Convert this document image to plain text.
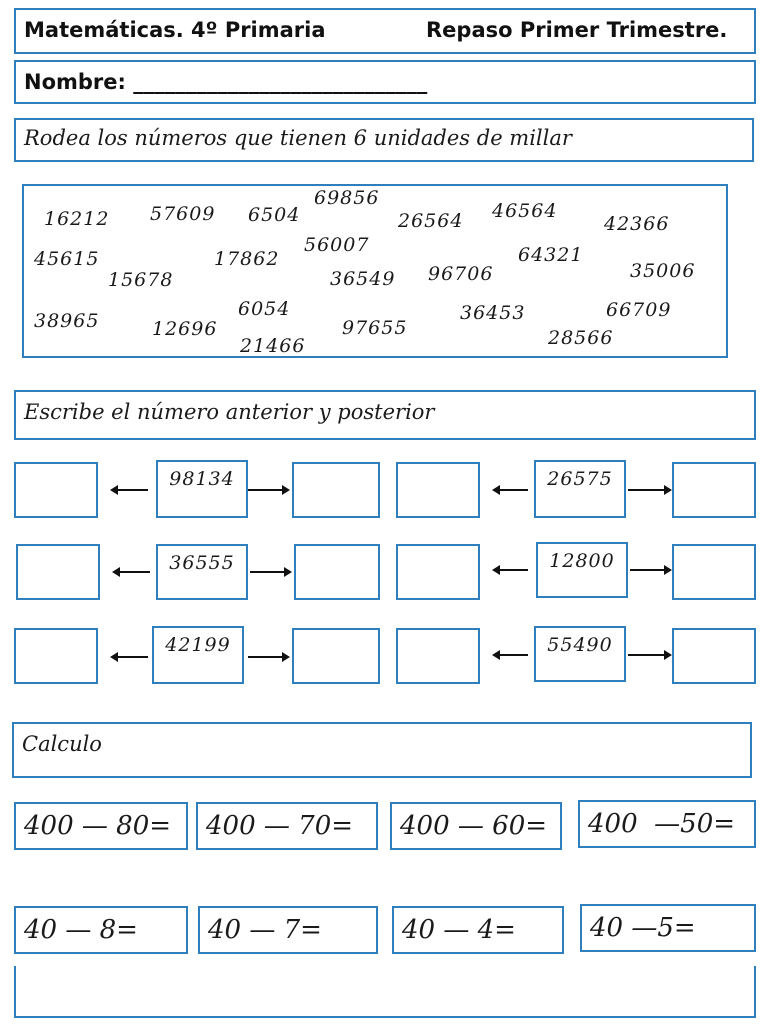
Matemáticas. 4º Primaria	Repaso Primer Trimestre.
Nombre: ____________________________
Rodea los números que tienen 6 unidades de millar
16212 57609 6504
69856
26564 46564
42366
45615
15678
17862
56007
36549 96706
64321
35006
38965	12696
6054
21466
97655
36453	66709
28566
Escribe el número anterior y posterior
98134	26575
36555	12800
42199	55490
Calculo
400 — 80=	400 — 70=	400 — 60=	400  —50=
40 — 8=	40 — 7=	40 — 4=	40 —5=
